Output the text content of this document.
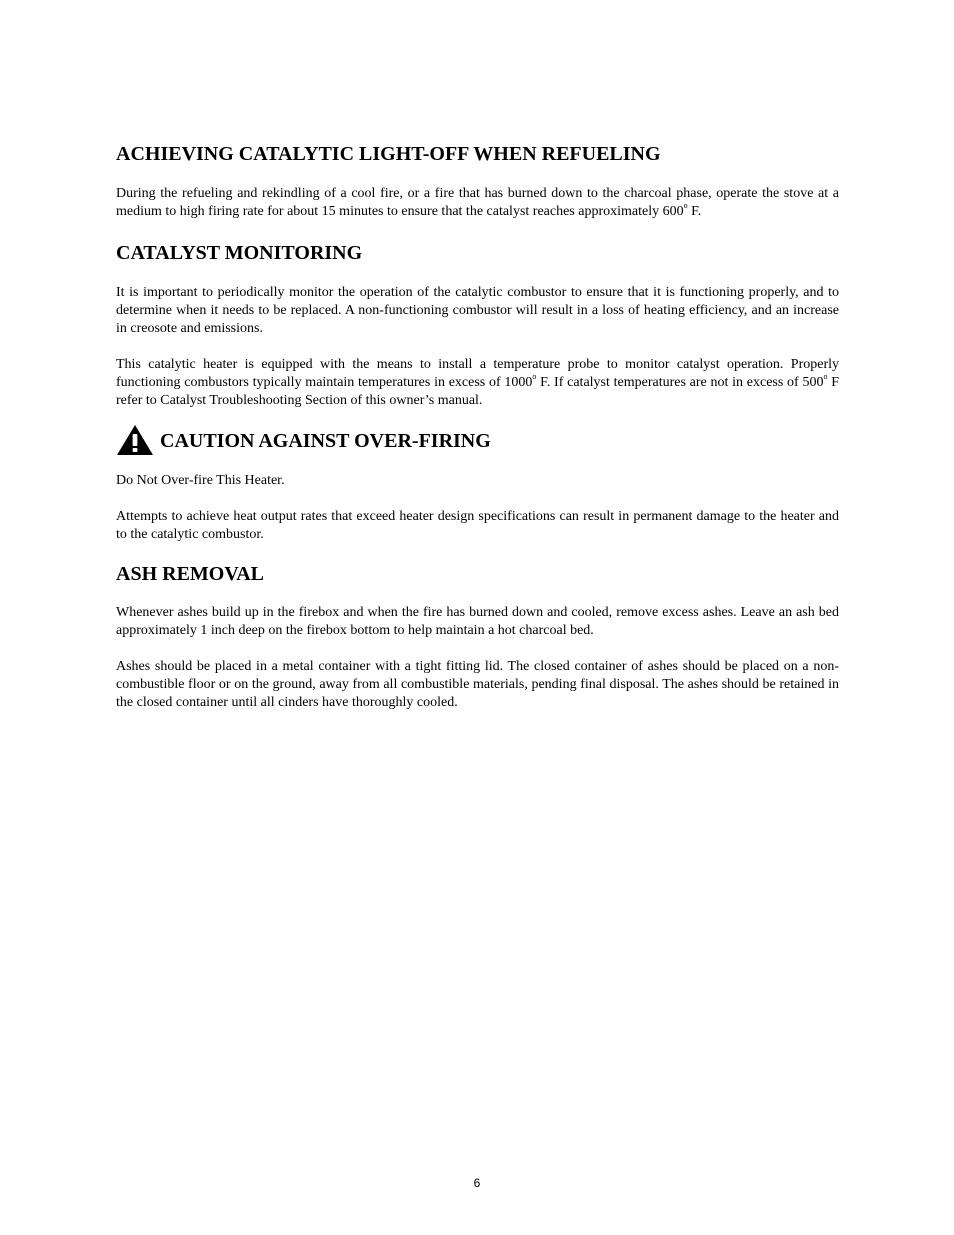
ACHIEVING CATALYTIC LIGHT-OFF WHEN REFUELING

During the refueling and rekindling of a cool fire, or a fire that has burned down to the charcoal phase, operate the stove at a medium to high firing rate for about 15 minutes to ensure that the catalyst reaches approximately 600$^o$ F.

CATALYST MONITORING

It is important to periodically monitor the operation of the catalytic combustor to ensure that it is functioning properly, and to determine when it needs to be replaced. A non-functioning combustor will result in a loss of heating efficiency, and an increase in creosote and emissions.

This catalytic heater is equipped with the means to install a temperature probe to monitor catalyst operation. Properly functioning combustors typically maintain temperatures in excess of 1000$^o$ F. If catalyst temperatures are not in excess of 500$^o$ F refer to Catalyst Troubleshooting Section of this owner’s manual.

CAUTION AGAINST OVER-FIRING

Do Not Over-fire This Heater.

Attempts to achieve heat output rates that exceed heater design specifications can result in permanent damage to the heater and to the catalytic combustor.

ASH REMOVAL

Whenever ashes build up in the firebox and when the fire has burned down and cooled, remove excess ashes. Leave an ash bed approximately 1 inch deep on the firebox bottom to help maintain a hot charcoal bed.

Ashes should be placed in a metal container with a tight fitting lid. The closed container of ashes should be placed on a non-combustible floor or on the ground, away from all combustible materials, pending final disposal. The ashes should be retained in the closed container until all cinders have thoroughly cooled.

6
